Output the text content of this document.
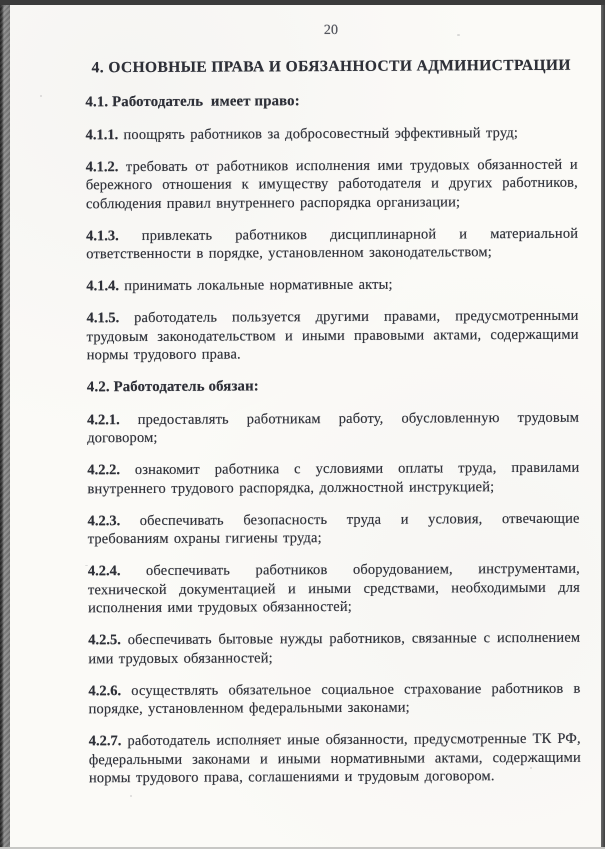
20
4. ОСНОВНЫЕ ПРАВА И ОБЯЗАННОСТИ АДМИНИСТРАЦИИ
4.1. Работодатель  имеет право:

4.1.1. поощрять работников за добросовестный эффективный труд;

4.1.2. требовать от работников исполнения ими трудовых обязанностей и бережного отношения к имуществу работодателя и других работников, соблюдения правил внутреннего распорядка организации;

4.1.3. привлекать работников дисциплинарной и материальной ответственности в порядке, установленном законодательством;

4.1.4. принимать локальные нормативные акты;

4.1.5. работодатель пользуется другими правами, предусмотренными трудовым законодательством и иными правовыми актами, содержащими нормы трудового права.

4.2. Работодатель обязан:

4.2.1. предоставлять работникам работу, обусловленную трудовым договором;

4.2.2. ознакомит работника с условиями оплаты труда, правилами внутреннего трудового распорядка, должностной инструкцией;

4.2.3. обеспечивать безопасность труда и условия, отвечающие требованиям охраны гигиены труда;

4.2.4. обеспечивать работников оборудованием, инструментами, технической документацией и иными средствами, необходимыми для исполнения ими трудовых обязанностей;

4.2.5. обеспечивать бытовые нужды работников, связанные с исполнением ими трудовых обязанностей;

4.2.6. осуществлять обязательное социальное страхование работников в порядке, установленном федеральными законами;

4.2.7. работодатель исполняет иные обязанности, предусмотренные ТК РФ, федеральными законами и иными нормативными актами, содержащими нормы трудового права, соглашениями и трудовым договором.
